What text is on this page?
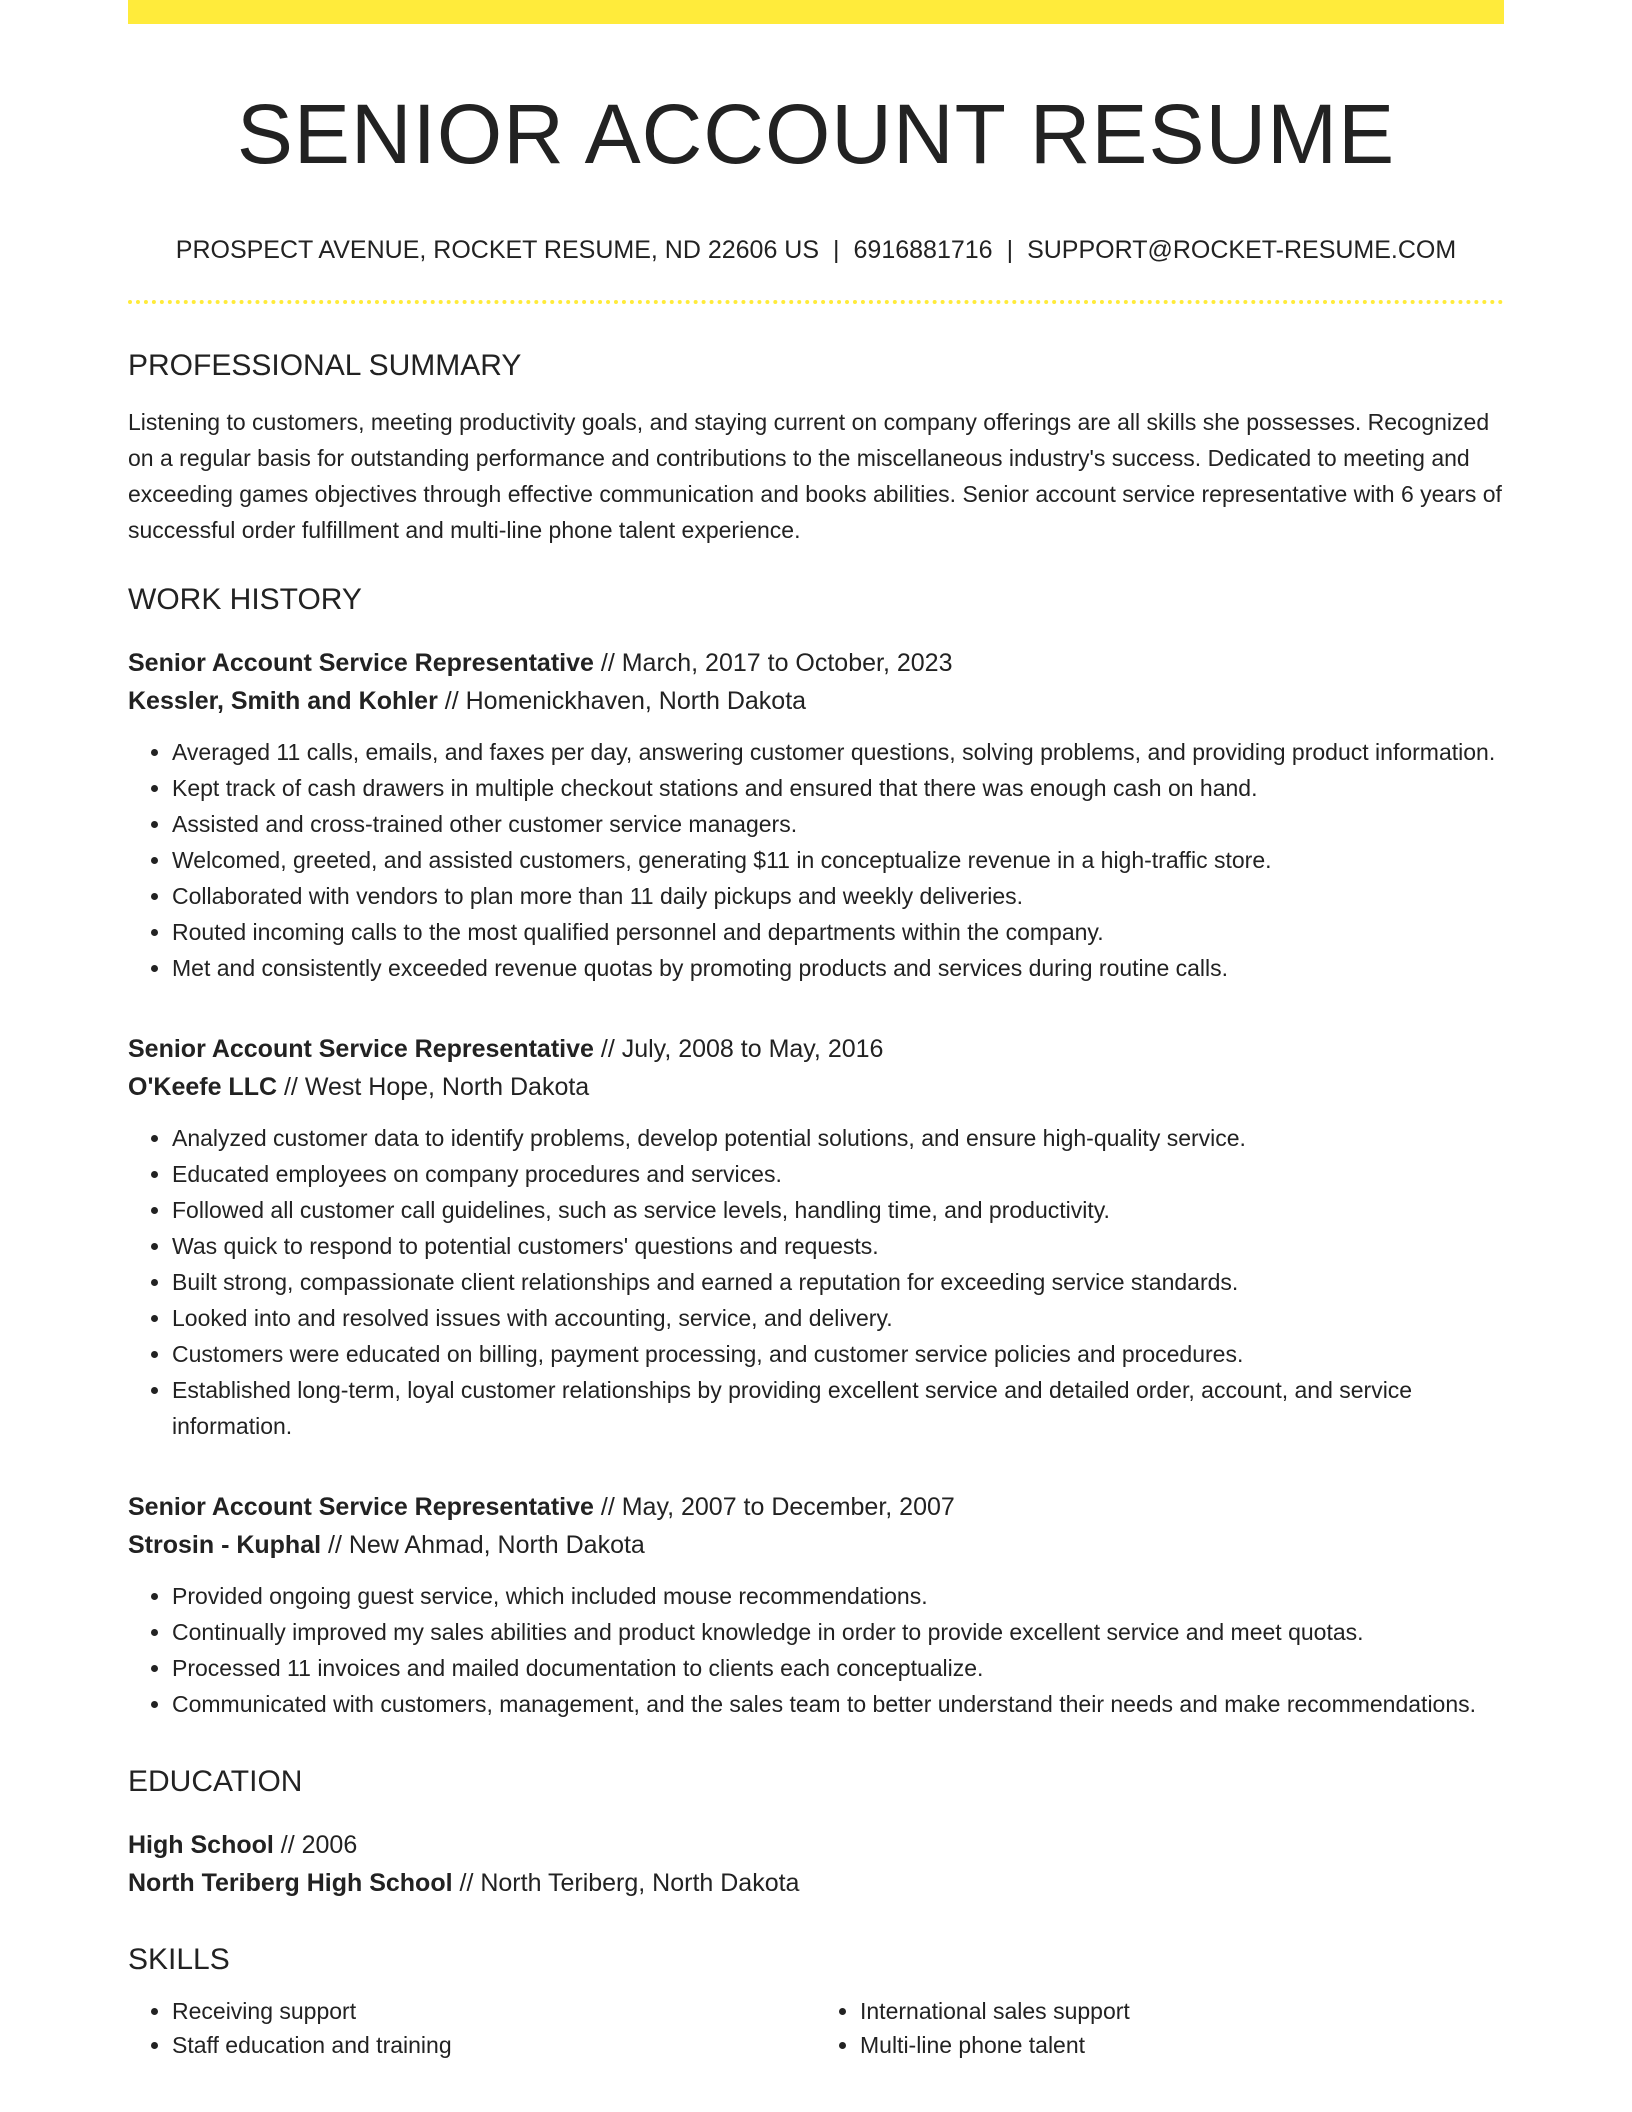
SENIOR ACCOUNT RESUME
PROSPECT AVENUE, ROCKET RESUME, ND 22606 US | 6916881716 | SUPPORT@ROCKET-RESUME.COM
PROFESSIONAL SUMMARY

Listening to customers, meeting productivity goals, and staying current on company offerings are all skills she possesses. Recognized on a regular basis for outstanding performance and contributions to the miscellaneous industry's success. Dedicated to meeting and exceeding games objectives through effective communication and books abilities. Senior account service representative with 6 years of successful order fulfillment and multi-line phone talent experience.

WORK HISTORY
Senior Account Service Representative // March, 2017 to October, 2023
Kessler, Smith and Kohler // Homenickhaven, North Dakota
• Averaged 11 calls, emails, and faxes per day, answering customer questions, solving problems, and providing product information.
• Kept track of cash drawers in multiple checkout stations and ensured that there was enough cash on hand.
• Assisted and cross-trained other customer service managers.
• Welcomed, greeted, and assisted customers, generating $11 in conceptualize revenue in a high-traffic store.
• Collaborated with vendors to plan more than 11 daily pickups and weekly deliveries.
• Routed incoming calls to the most qualified personnel and departments within the company.
• Met and consistently exceeded revenue quotas by promoting products and services during routine calls.
Senior Account Service Representative // July, 2008 to May, 2016
O'Keefe LLC // West Hope, North Dakota
• Analyzed customer data to identify problems, develop potential solutions, and ensure high-quality service.
• Educated employees on company procedures and services.
• Followed all customer call guidelines, such as service levels, handling time, and productivity.
• Was quick to respond to potential customers' questions and requests.
• Built strong, compassionate client relationships and earned a reputation for exceeding service standards.
• Looked into and resolved issues with accounting, service, and delivery.
• Customers were educated on billing, payment processing, and customer service policies and procedures.
• Established long-term, loyal customer relationships by providing excellent service and detailed order, account, and service information.
Senior Account Service Representative // May, 2007 to December, 2007
Strosin - Kuphal // New Ahmad, North Dakota
• Provided ongoing guest service, which included mouse recommendations.
• Continually improved my sales abilities and product knowledge in order to provide excellent service and meet quotas.
• Processed 11 invoices and mailed documentation to clients each conceptualize.
• Communicated with customers, management, and the sales team to better understand their needs and make recommendations.
EDUCATION
High School // 2006
North Teriberg High School // North Teriberg, North Dakota
SKILLS
• Receiving support
• Staff education and training
• International sales support
• Multi-line phone talent
